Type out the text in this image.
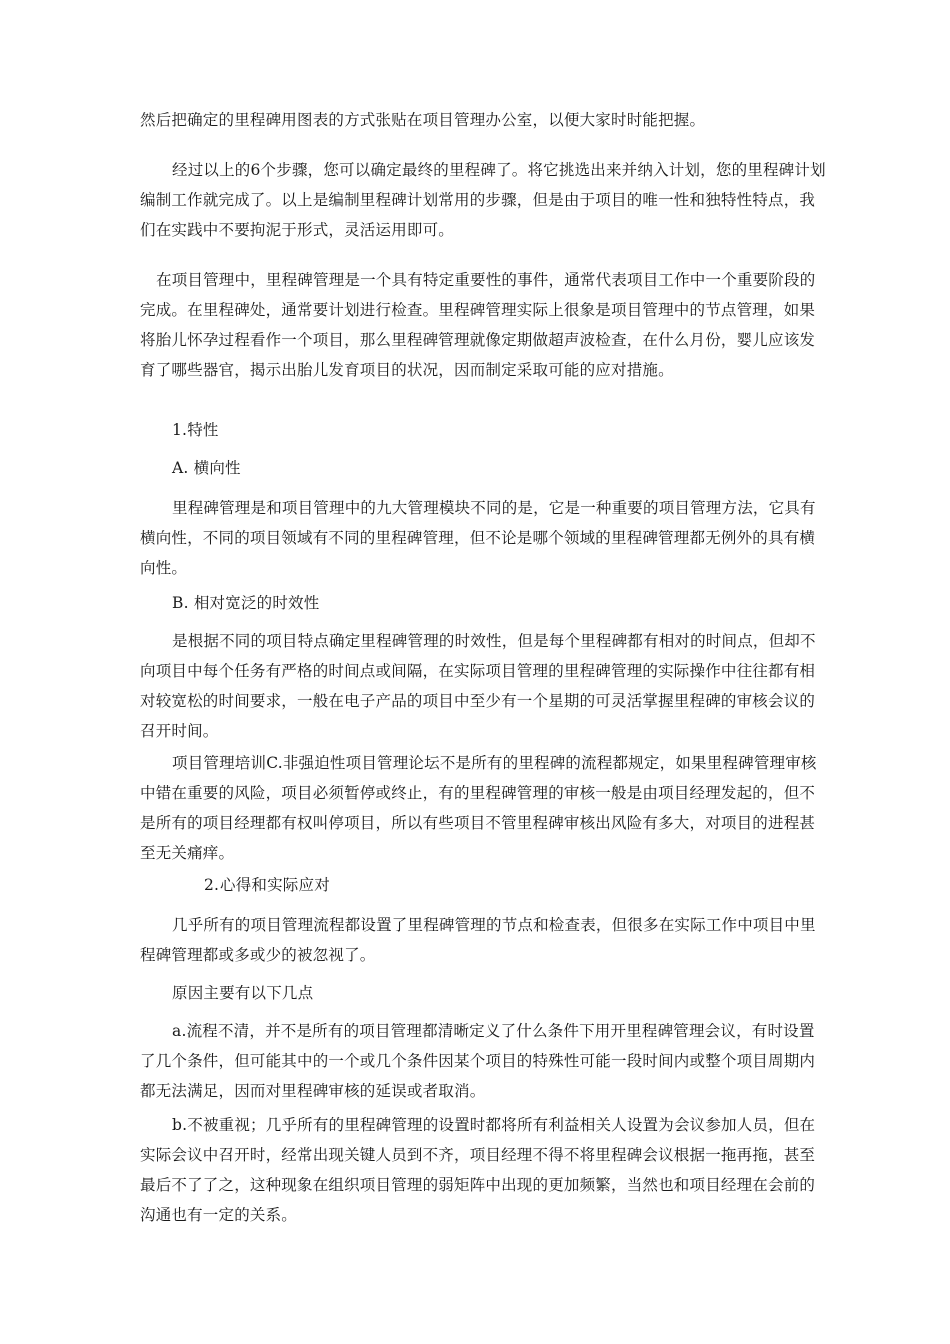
然后把确定的里程碑用图表的方式张贴在项目管理办公室，以便大家时时能把握。

经过以上的6个步骤，您可以确定最终的里程碑了。将它挑选出来并纳入计划，您的里程碑计划编制工作就完成了。以上是编制里程碑计划常用的步骤，但是由于项目的唯一性和独特性特点，我们在实践中不要拘泥于形式，灵活运用即可。

在项目管理中，里程碑管理是一个具有特定重要性的事件，通常代表项目工作中一个重要阶段的完成。在里程碑处，通常要计划进行检查。里程碑管理实际上很象是项目管理中的节点管理，如果将胎儿怀孕过程看作一个项目，那么里程碑管理就像定期做超声波检查，在什么月份，婴儿应该发育了哪些器官，揭示出胎儿发育项目的状况，因而制定采取可能的应对措施。

1.特性

A. 横向性

里程碑管理是和项目管理中的九大管理模块不同的是，它是一种重要的项目管理方法，它具有横向性，不同的项目领域有不同的里程碑管理，但不论是哪个领域的里程碑管理都无例外的具有横向性。

B. 相对宽泛的时效性

是根据不同的项目特点确定里程碑管理的时效性，但是每个里程碑都有相对的时间点，但却不向项目中每个任务有严格的时间点或间隔，在实际项目管理的里程碑管理的实际操作中往往都有相对较宽松的时间要求，一般在电子产品的项目中至少有一个星期的可灵活掌握里程碑的审核会议的召开时间。

项目管理培训C.非强迫性项目管理论坛不是所有的里程碑的流程都规定，如果里程碑管理审核中错在重要的风险，项目必须暂停或终止，有的里程碑管理的审核一般是由项目经理发起的，但不是所有的项目经理都有权叫停项目，所以有些项目不管里程碑审核出风险有多大，对项目的进程甚至无关痛痒。

2.心得和实际应对

几乎所有的项目管理流程都设置了里程碑管理的节点和检查表，但很多在实际工作中项目中里程碑管理都或多或少的被忽视了。

原因主要有以下几点

a.流程不清，并不是所有的项目管理都清晰定义了什么条件下用开里程碑管理会议，有时设置了几个条件，但可能其中的一个或几个条件因某个项目的特殊性可能一段时间内或整个项目周期内都无法满足，因而对里程碑审核的延误或者取消。

b.不被重视；几乎所有的里程碑管理的设置时都将所有利益相关人设置为会议参加人员，但在实际会议中召开时，经常出现关键人员到不齐，项目经理不得不将里程碑会议根据一拖再拖，甚至最后不了了之，这种现象在组织项目管理的弱矩阵中出现的更加频繁，当然也和项目经理在会前的沟通也有一定的关系。
